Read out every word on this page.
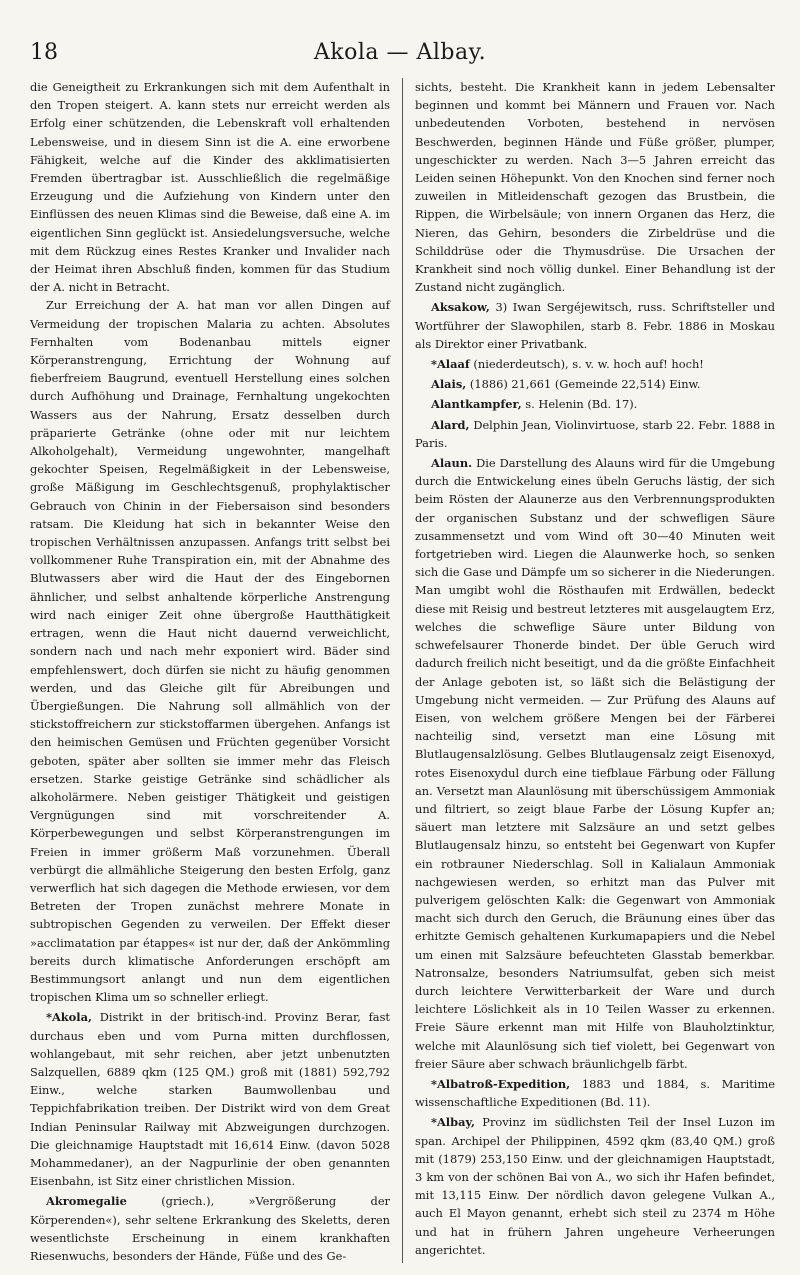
18	Akola — Albay.

die Geneigtheit zu Erkrankungen sich mit dem Aufenthalt in den Tropen steigert. A. kann stets nur erreicht werden als Erfolg einer schützenden, die Lebenskraft voll erhaltenden Lebensweise, und in diesem Sinn ist die A. eine erworbene Fähigkeit, welche auf die Kinder des akklimatisierten Fremden übertragbar ist. Ausschließlich die regelmäßige Erzeugung und die Aufziehung von Kindern unter den Einflüssen des neuen Klimas sind die Beweise, daß eine A. im eigentlichen Sinn geglückt ist. Ansiedelungsversuche, welche mit dem Rückzug eines Restes Kranker und Invalider nach der Heimat ihren Abschluß finden, kommen für das Studium der A. nicht in Betracht.

Zur Erreichung der A. hat man vor allen Dingen auf Vermeidung der tropischen Malaria zu achten. Absolutes Fernhalten vom Bodenanbau mittels eigner Körperanstrengung, Errichtung der Wohnung auf fieberfreiem Baugrund, eventuell Herstellung eines solchen durch Aufhöhung und Drainage, Fernhaltung ungekochten Wassers aus der Nahrung, Ersatz desselben durch präparierte Getränke (ohne oder mit nur leichtem Alkoholgehalt), Vermeidung ungewohnter, mangelhaft gekochter Speisen, Regelmäßigkeit in der Lebensweise, große Mäßigung im Geschlechtsgenuß, prophylaktischer Gebrauch von Chinin in der Fiebersaison sind besonders ratsam. Die Kleidung hat sich in bekannter Weise den tropischen Verhältnissen anzupassen. Anfangs tritt selbst bei vollkommener Ruhe Transpiration ein, mit der Abnahme des Blutwassers aber wird die Haut der des Eingebornen ähnlicher, und selbst anhaltende körperliche Anstrengung wird nach einiger Zeit ohne übergroße Hautthätigkeit ertragen, wenn die Haut nicht dauernd verweichlicht, sondern nach und nach mehr exponiert wird. Bäder sind empfehlenswert, doch dürfen sie nicht zu häufig genommen werden, und das Gleiche gilt für Abreibungen und Übergießungen. Die Nahrung soll allmählich von der stickstoffreichern zur stickstoffarmen übergehen. Anfangs ist den heimischen Gemüsen und Früchten gegenüber Vorsicht geboten, später aber sollten sie immer mehr das Fleisch ersetzen. Starke geistige Getränke sind schädlicher als alkoholärmere. Neben geistiger Thätigkeit und geistigen Vergnügungen sind mit vorschreitender A. Körperbewegungen und selbst Körperanstrengungen im Freien in immer größerm Maß vorzunehmen. Überall verbürgt die allmähliche Steigerung den besten Erfolg, ganz verwerflich hat sich dagegen die Methode erwiesen, vor dem Betreten der Tropen zunächst mehrere Monate in subtropischen Gegenden zu verweilen. Der Effekt dieser »acclimatation par étappes« ist nur der, daß der Ankömmling bereits durch klimatische Anforderungen erschöpft am Bestimmungsort anlangt und nun dem eigentlichen tropischen Klima um so schneller erliegt.

*Akola, Distrikt in der britisch-ind. Provinz Berar, fast durchaus eben und vom Purna mitten durchflossen, wohlangebaut, mit sehr reichen, aber jetzt unbenutzten Salzquellen, 6889 qkm (125 QM.) groß mit (1881) 592,792 Einw., welche starken Baumwollenbau und Teppichfabrikation treiben. Der Distrikt wird von dem Great Indian Peninsular Railway mit Abzweigungen durchzogen. Die gleichnamige Hauptstadt mit 16,614 Einw. (davon 5028 Mohammedaner), an der Nagpurlinie der oben genannten Eisenbahn, ist Sitz einer christlichen Mission.

Akromegalie	(griech.), »Vergrößerung der Körperenden«), sehr seltene Erkrankung des Skeletts, deren wesentlichste Erscheinung in einem krankhaften Riesenwuchs, besonders der Hände, Füße und des Ge-

sichts, besteht. Die Krankheit kann in jedem Lebensalter beginnen und kommt bei Männern und Frauen vor. Nach unbedeutenden Vorboten, bestehend in nervösen Beschwerden, beginnen Hände und Füße größer, plumper, ungeschickter zu werden. Nach 3—5 Jahren erreicht das Leiden seinen Höhepunkt. Von den Knochen sind ferner noch zuweilen in Mitleidenschaft gezogen das Brustbein, die Rippen, die Wirbelsäule; von innern Organen das Herz, die Nieren, das Gehirn, besonders die Zirbeldrüse und die Schilddrüse oder die Thymusdrüse. Die Ursachen der Krankheit sind noch völlig dunkel. Einer Behandlung ist der Zustand nicht zugänglich.

Aksakow, 3) Iwan Sergéjewitsch, russ. Schriftsteller und Wortführer der Slawophilen, starb 8. Febr. 1886 in Moskau als Direktor einer Privatbank.

*Alaaf (niederdeutsch), s. v. w. hoch auf! hoch!

Alais, (1886) 21,661 (Gemeinde 22,514) Einw.

Alantkampfer, s. Helenin (Bd. 17).

Alard, Delphin Jean, Violinvirtuose, starb 22. Febr. 1888 in Paris.

Alaun. Die Darstellung des Alauns wird für die Umgebung durch die Entwickelung eines übeln Geruchs lästig, der sich beim Rösten der Alaunerze aus den Verbrennungsprodukten der organischen Substanz und der schwefligen Säure zusammensetzt und vom Wind oft 30—40 Minuten weit fortgetrieben wird. Liegen die Alaunwerke hoch, so senken sich die Gase und Dämpfe um so sicherer in die Niederungen. Man umgibt wohl die Rösthaufen mit Erdwällen, bedeckt diese mit Reisig und bestreut letzteres mit ausgelaugtem Erz, welches die schweflige Säure unter Bildung von schwefelsaurer Thonerde bindet. Der üble Geruch wird dadurch freilich nicht beseitigt, und da die größte Einfachheit der Anlage geboten ist, so läßt sich die Belästigung der Umgebung nicht vermeiden. — Zur Prüfung des Alauns auf Eisen, von welchem größere Mengen bei der Färberei nachteilig sind, versetzt man eine Lösung mit Blutlaugensalzlösung. Gelbes Blutlaugensalz zeigt Eisenoxyd, rotes Eisenoxydul durch eine tiefblaue Färbung oder Fällung an. Versetzt man Alaunlösung mit überschüssigem Ammoniak und filtriert, so zeigt blaue Farbe der Lösung Kupfer an; säuert man letztere mit Salzsäure an und setzt gelbes Blutlaugensalz hinzu, so entsteht bei Gegenwart von Kupfer ein rotbrauner Niederschlag. Soll in Kalialaun Ammoniak nachgewiesen werden, so erhitzt man das Pulver mit pulverigem gelöschten Kalk: die Gegenwart von Ammoniak macht sich durch den Geruch, die Bräunung eines über das erhitzte Gemisch gehaltenen Kurkumapapiers und die Nebel um einen mit Salzsäure befeuchteten Glasstab bemerkbar. Natronsalze, besonders Natriumsulfat, geben sich meist durch leichtere Verwitterbarkeit der Ware und durch leichtere Löslichkeit als in 10 Teilen Wasser zu erkennen. Freie Säure erkennt man mit Hilfe von Blauholztinktur, welche mit Alaunlösung sich tief violett, bei Gegenwart von freier Säure aber schwach bräunlichgelb färbt.

*Albatroß-Expedition, 1883 und 1884, s. Maritime wissenschaftliche Expeditionen (Bd. 11).

*Albay, Provinz im südlichsten Teil der Insel Luzon im span. Archipel der Philippinen, 4592 qkm (83,40 QM.) groß mit (1879) 253,150 Einw. und der gleichnamigen Hauptstadt, 3 km von der schönen Bai von A., wo sich ihr Hafen befindet, mit 13,115 Einw. Der nördlich davon gelegene Vulkan A., auch El Mayon genannt, erhebt sich steil zu 2374 m Höhe und hat in frühern Jahren ungeheure Verheerungen angerichtet.
